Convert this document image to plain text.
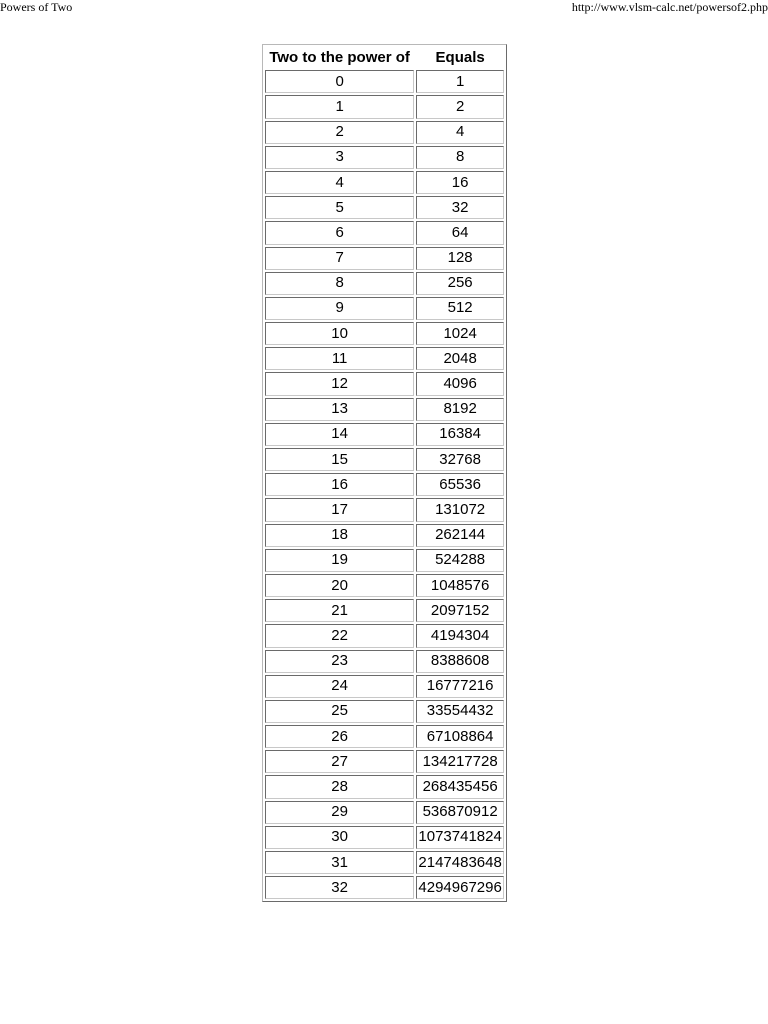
Powers of Two	http://www.vlsm-calc.net/powersof2.php
Two to the power of	Equals
0	1
1	2
2	4
3	8
4	16
5	32
6	64
7	128
8	256
9	512
10	1024
11	2048
12	4096
13	8192
14	16384
15	32768
16	65536
17	131072
18	262144
19	524288
20	1048576
21	2097152
22	4194304
23	8388608
24	16777216
25	33554432
26	67108864
27	134217728
28	268435456
29	536870912
30	1073741824
31	2147483648
32	4294967296
